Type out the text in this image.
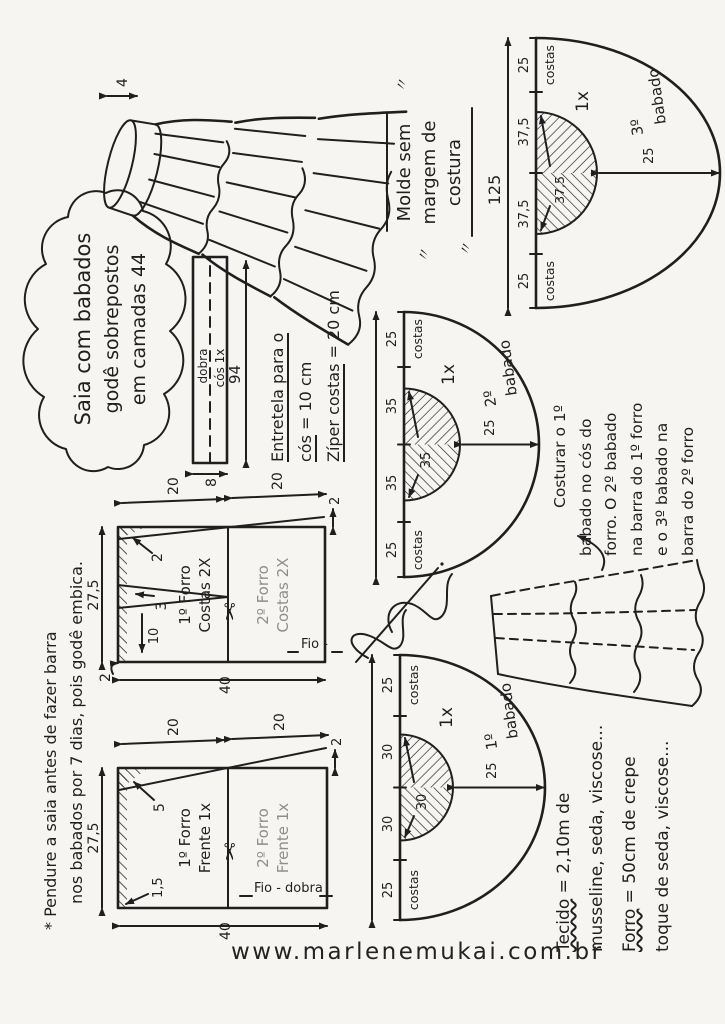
* Pendure a saia antes de fazer barra nos babados por 7 dias, pois godê embica.
Saia com babados godê sobrepostos em camadas 44
4
〃
〃
Molde sem margem de costura
〃
✂
27,5
40
20	20
2
5
1,5
1º Forro Frente 1x	2º Forro Frente 1x
Fio - dobra
✂
3
10
27,5
40
20	20
2
2
2
1º Forro Costas 2X	2º Forro Costas 2X
Fio -
dobra cós 1x
8
94 Entretela para o cós = 10 cm Zíper costas = 20 cm
25
30
30
25
costas
costas
30
25
1x
1º
babado
25
35
35
25
costas
costas
35
25
1x
2º
babado
125
25
37,5
37,5
25
costas
costas
37,5
25
1x
3º
babado
Costurar o 1º babado no cós do forro. O 2º babado na barra do 1º forro e o 3º babado na barra do 2º forro
Tecido = 2,10m de musseline, seda, viscose... Forro = 50cm de crepe toque de seda, viscose...
www.marlenemukai.com.br
